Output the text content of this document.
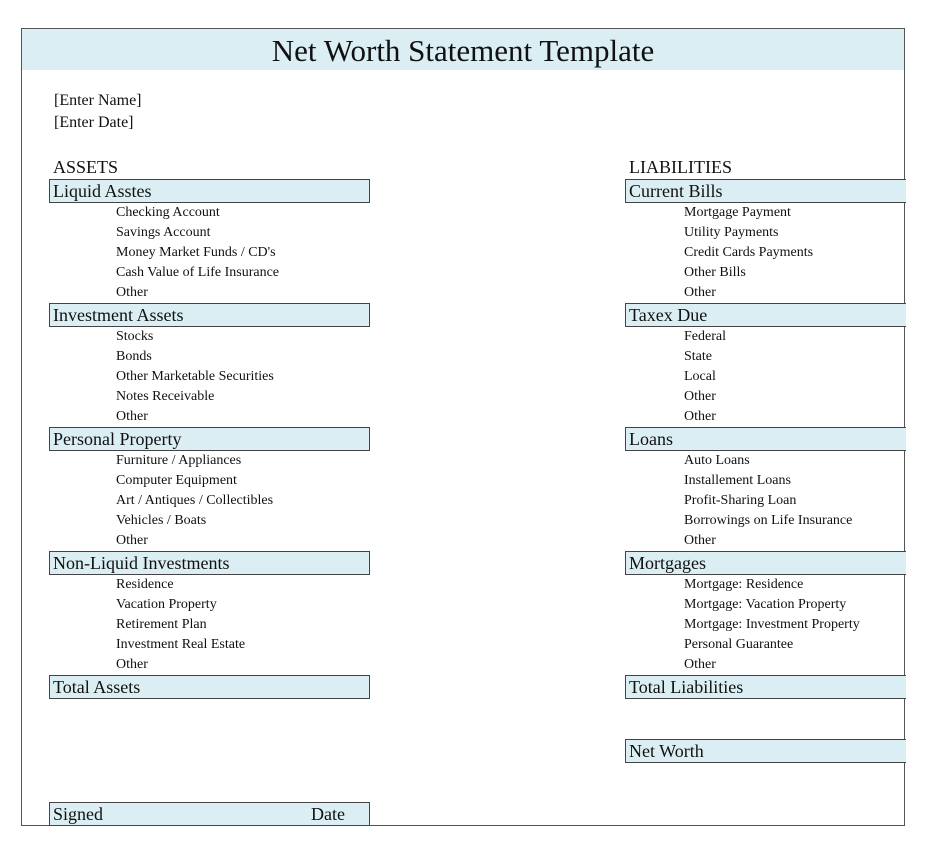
Net Worth Statement Template
[Enter Name]
[Enter Date]
ASSETS
Liquid Asstes
Checking Account
Savings Account
Money Market Funds / CD's
Cash Value of Life Insurance
Other
Investment Assets
Stocks
Bonds
Other Marketable Securities
Notes Receivable
Other
Personal Property
Furniture / Appliances
Computer Equipment
Art / Antiques / Collectibles
Vehicles / Boats
Other
Non-Liquid Investments
Residence
Vacation Property
Retirement Plan
Investment Real Estate
Other
Total Assets
Signed	Date
LIABILITIES
Current Bills
Mortgage Payment
Utility Payments
Credit Cards Payments
Other Bills
Other
Taxex Due
Federal
State
Local
Other
Other
Loans
Auto Loans
Installement Loans
Profit-Sharing Loan
Borrowings on Life Insurance
Other
Mortgages
Mortgage: Residence
Mortgage: Vacation Property
Mortgage: Investment Property
Personal Guarantee
Other
Total Liabilities
Net Worth
